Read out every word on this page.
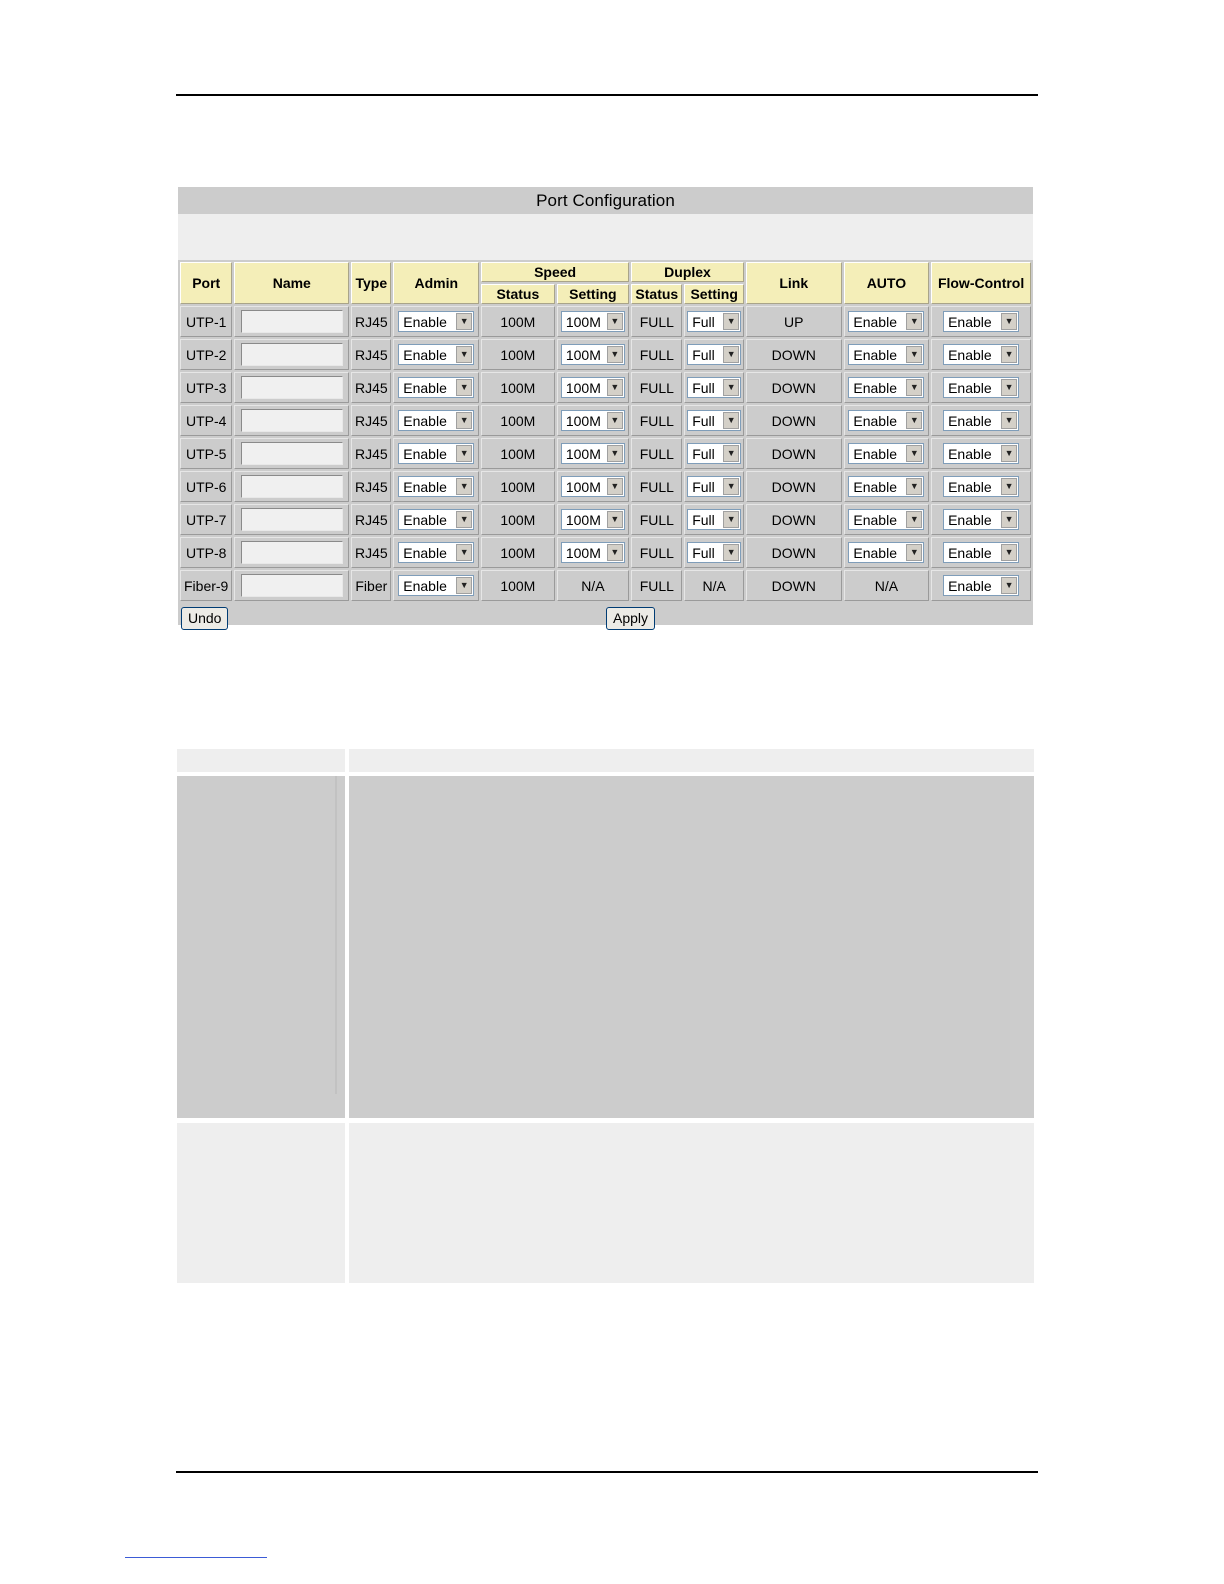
Port Configuration
Port	Name	Type	Admin	Speed		Duplex		Link	AUTO	Flow-Control
				Status	Setting	Status	Setting			
UTP-1		RJ45	Enable ▼	100M	100M ▼	FULL	Full ▼	UP	Enable ▼	Enable ▼

UTP-2		RJ45	Enable ▼	100M	100M ▼	FULL	Full ▼	DOWN	Enable ▼	Enable ▼

UTP-3		RJ45	Enable ▼	100M	100M ▼	FULL	Full ▼	DOWN	Enable ▼	Enable ▼

UTP-4		RJ45	Enable ▼	100M	100M ▼	FULL	Full ▼	DOWN	Enable ▼	Enable ▼

UTP-5		RJ45	Enable ▼	100M	100M ▼	FULL	Full ▼	DOWN	Enable ▼	Enable ▼

UTP-6		RJ45	Enable ▼	100M	100M ▼	FULL	Full ▼	DOWN	Enable ▼	Enable ▼

UTP-7		RJ45	Enable ▼	100M	100M ▼	FULL	Full ▼	DOWN	Enable ▼	Enable ▼

UTP-8		RJ45	Enable ▼	100M	100M ▼	FULL	Full ▼	DOWN	Enable ▼	Enable ▼

Fiber-9		Fiber	Enable ▼	100M	N/A	FULL	N/A	DOWN	N/A	Enable ▼
Undo	Apply
